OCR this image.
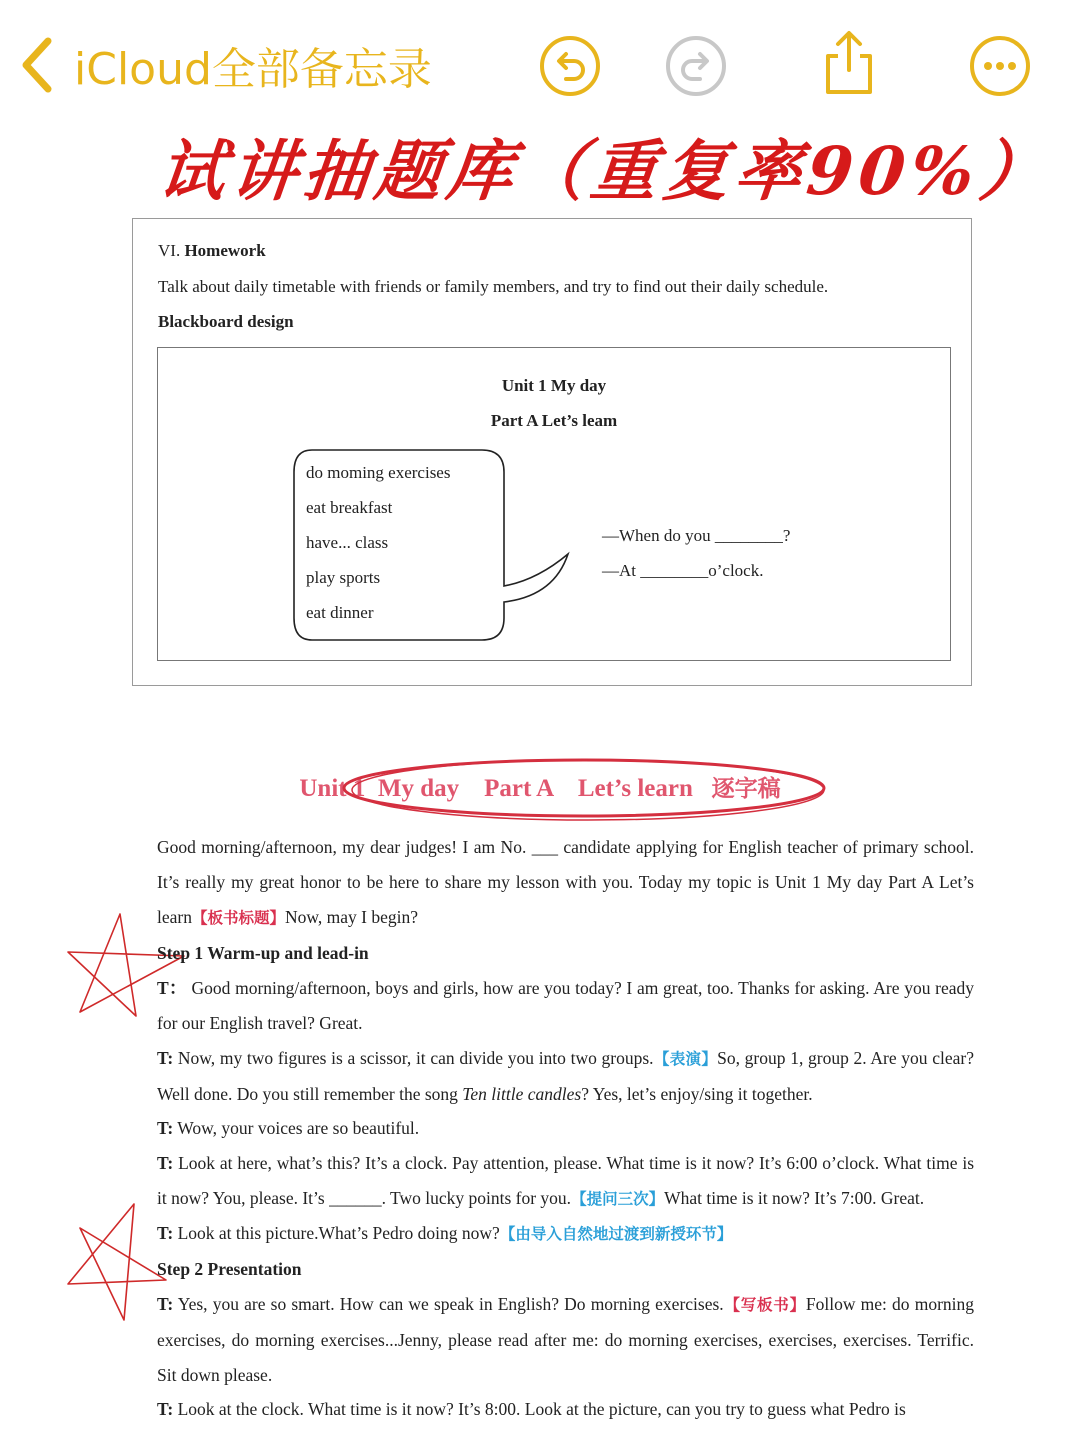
iCloud全部备忘录
试讲抽题库（重复率90%）
VI. Homework
Talk about daily timetable with friends or family members, and try to find out their daily schedule.
Blackboard design
Unit 1 My day
Part A Let’s leam
do moming exercises
eat breakfast
have... class
play sports
eat dinner
—When do you ________?
—At ________o’clock.
Unit 1  My day    Part A    Let’s learn   逐字稿

Good morning/afternoon, my dear judges! I am No. ___ candidate applying for English teacher of primary school. It’s really my great honor to be here to share my lesson with you. Today my topic is Unit 1 My day Part A Let’s learn【板书标题】Now, may I begin?

Step 1 Warm-up and lead-in

T： Good morning/afternoon, boys and girls, how are you today? I am great, too. Thanks for asking. Are you ready for our English travel? Great.

T: Now, my two figures is a scissor, it can divide you into two groups.【表演】So, group 1, group 2. Are you clear? Well done. Do you still remember the song Ten little candles? Yes, let’s enjoy/sing it together.

T: Wow, your voices are so beautiful.

T: Look at here, what’s this? It’s a clock. Pay attention, please. What time is it now? It’s 6:00 o’clock. What time is it now? You, please. It’s ______. Two lucky points for you.【提问三次】What time is it now? It’s 7:00. Great.

T: Look at this picture.What’s Pedro doing now?【由导入自然地过渡到新授环节】
Step 2 Presentation

T: Yes, you are so smart. How can we speak in English? Do morning exercises.【写板书】Follow me: do morning exercises, do morning exercises...Jenny, please read after me: do morning exercises, exercises, exercises. Terrific. Sit down please.

T: Look at the clock. What time is it now? It’s 8:00. Look at the picture, can you try to guess what Pedro is
